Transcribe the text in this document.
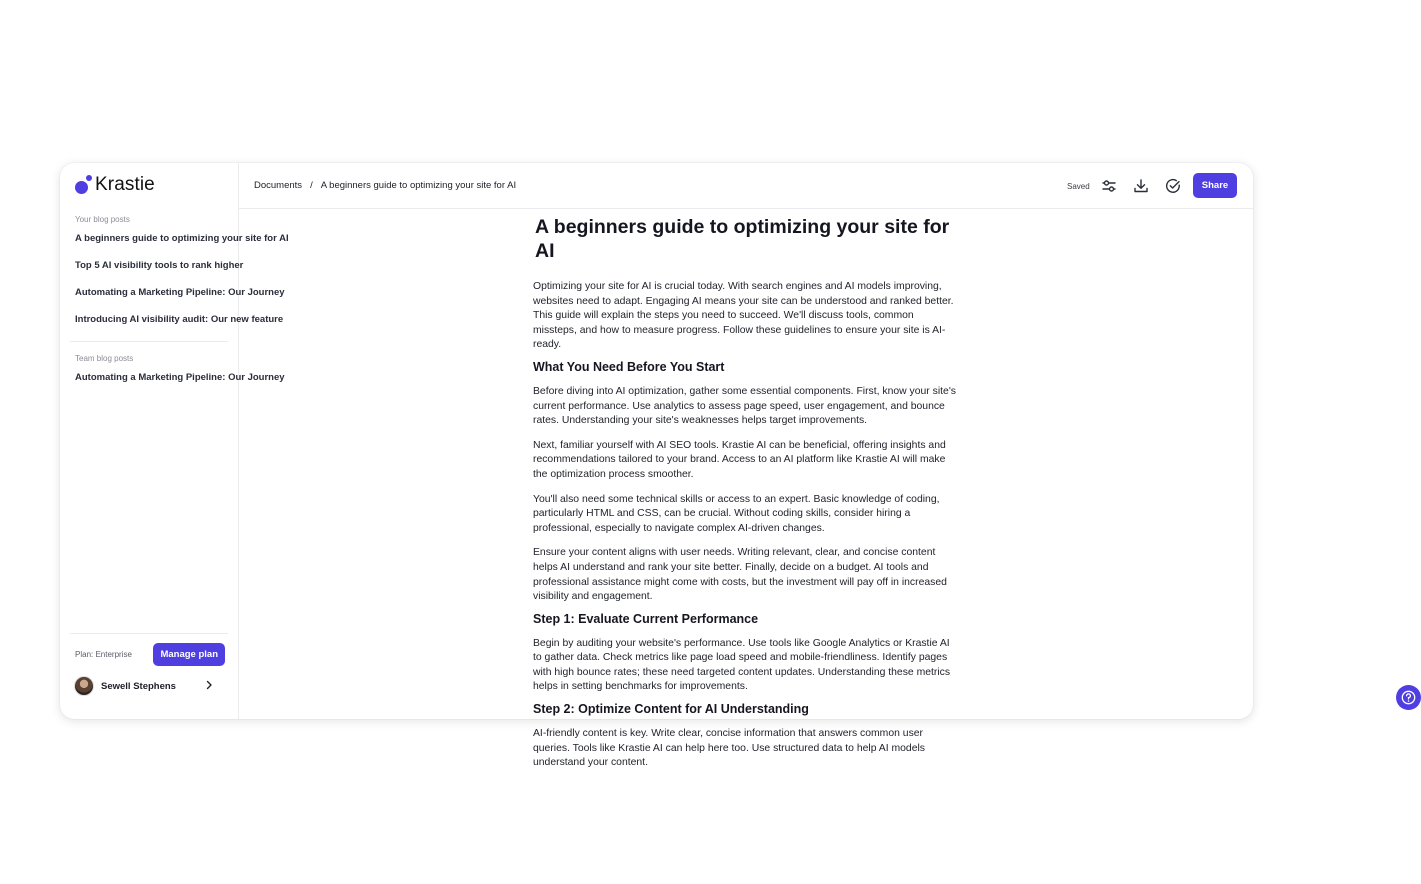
Krastie
Your blog posts
A beginners guide to optimizing your site for AI
Top 5 AI visibility tools to rank higher
Automating a Marketing Pipeline: Our Journey
Introducing AI visibility audit: Our new feature
Team blog posts
Automating a Marketing Pipeline: Our Journey
Plan: Enterprise	Manage plan
Sewell Stephens
Documents / A beginners guide to optimizing your site for AI	Saved	Share
A beginners guide to optimizing your site for AI

Optimizing your site for AI is crucial today. With search engines and AI models improving, websites need to adapt. Engaging AI means your site can be understood and ranked better. This guide will explain the steps you need to succeed. We'll discuss tools, common missteps, and how to measure progress. Follow these guidelines to ensure your site is AI-ready.

What You Need Before You Start

Before diving into AI optimization, gather some essential components. First, know your site's current performance. Use analytics to assess page speed, user engagement, and bounce rates. Understanding your site's weaknesses helps target improvements.

Next, familiar yourself with AI SEO tools. Krastie AI can be beneficial, offering insights and recommendations tailored to your brand. Access to an AI platform like Krastie AI will make the optimization process smoother.

You'll also need some technical skills or access to an expert. Basic knowledge of coding, particularly HTML and CSS, can be crucial. Without coding skills, consider hiring a professional, especially to navigate complex AI-driven changes.

Ensure your content aligns with user needs. Writing relevant, clear, and concise content helps AI understand and rank your site better. Finally, decide on a budget. AI tools and professional assistance might come with costs, but the investment will pay off in increased visibility and engagement.

Step 1: Evaluate Current Performance

Begin by auditing your website's performance. Use tools like Google Analytics or Krastie AI to gather data. Check metrics like page load speed and mobile-friendliness. Identify pages with high bounce rates; these need targeted content updates. Understanding these metrics helps in setting benchmarks for improvements.

Step 2: Optimize Content for AI Understanding

AI-friendly content is key. Write clear, concise information that answers common user queries. Tools like Krastie AI can help here too. Use structured data to help AI models understand your content.
